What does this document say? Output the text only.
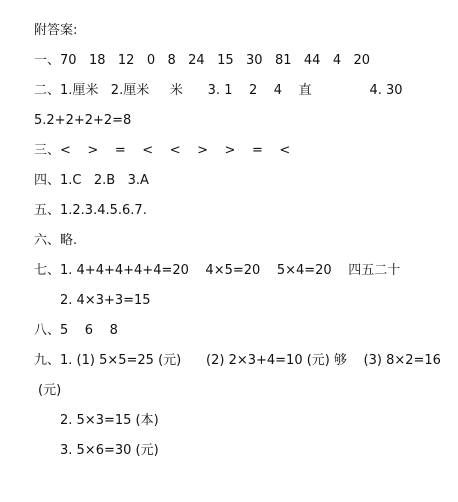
附答案:
一、70   18   12   0   8   24   15   30   81   44   4   20
二、1.厘米   2.厘米     米      3. 1    2    4    直              4. 30
5.2+2+2+2=8
三、<    >    =    <    <    >    >    =    <
四、1.C   2.B   3.A
五、1.2.3.4.5.6.7.
六、略.
七、1. 4+4+4+4+4=20    4×5=20    5×4=20    四五二十
2. 4×3+3=15
八、5    6    8
九、1. (1) 5×5=25 (元)      (2) 2×3+4=10 (元) 够    (3) 8×2=16
(元)
2. 5×3=15 (本)
3. 5×6=30 (元)
